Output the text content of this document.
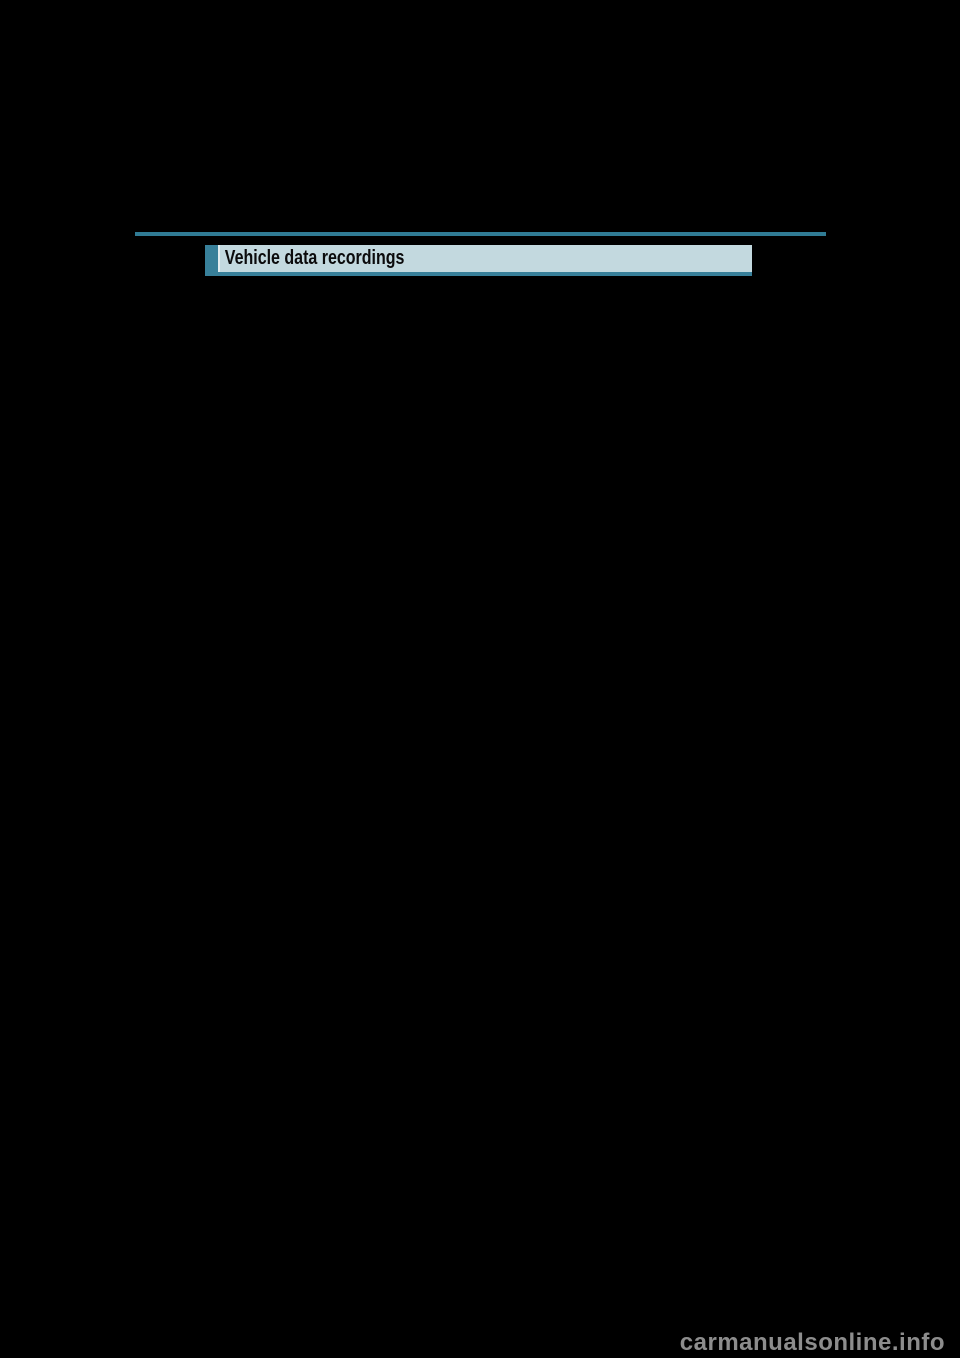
Vehicle data recordings
carmanualsonline.info
